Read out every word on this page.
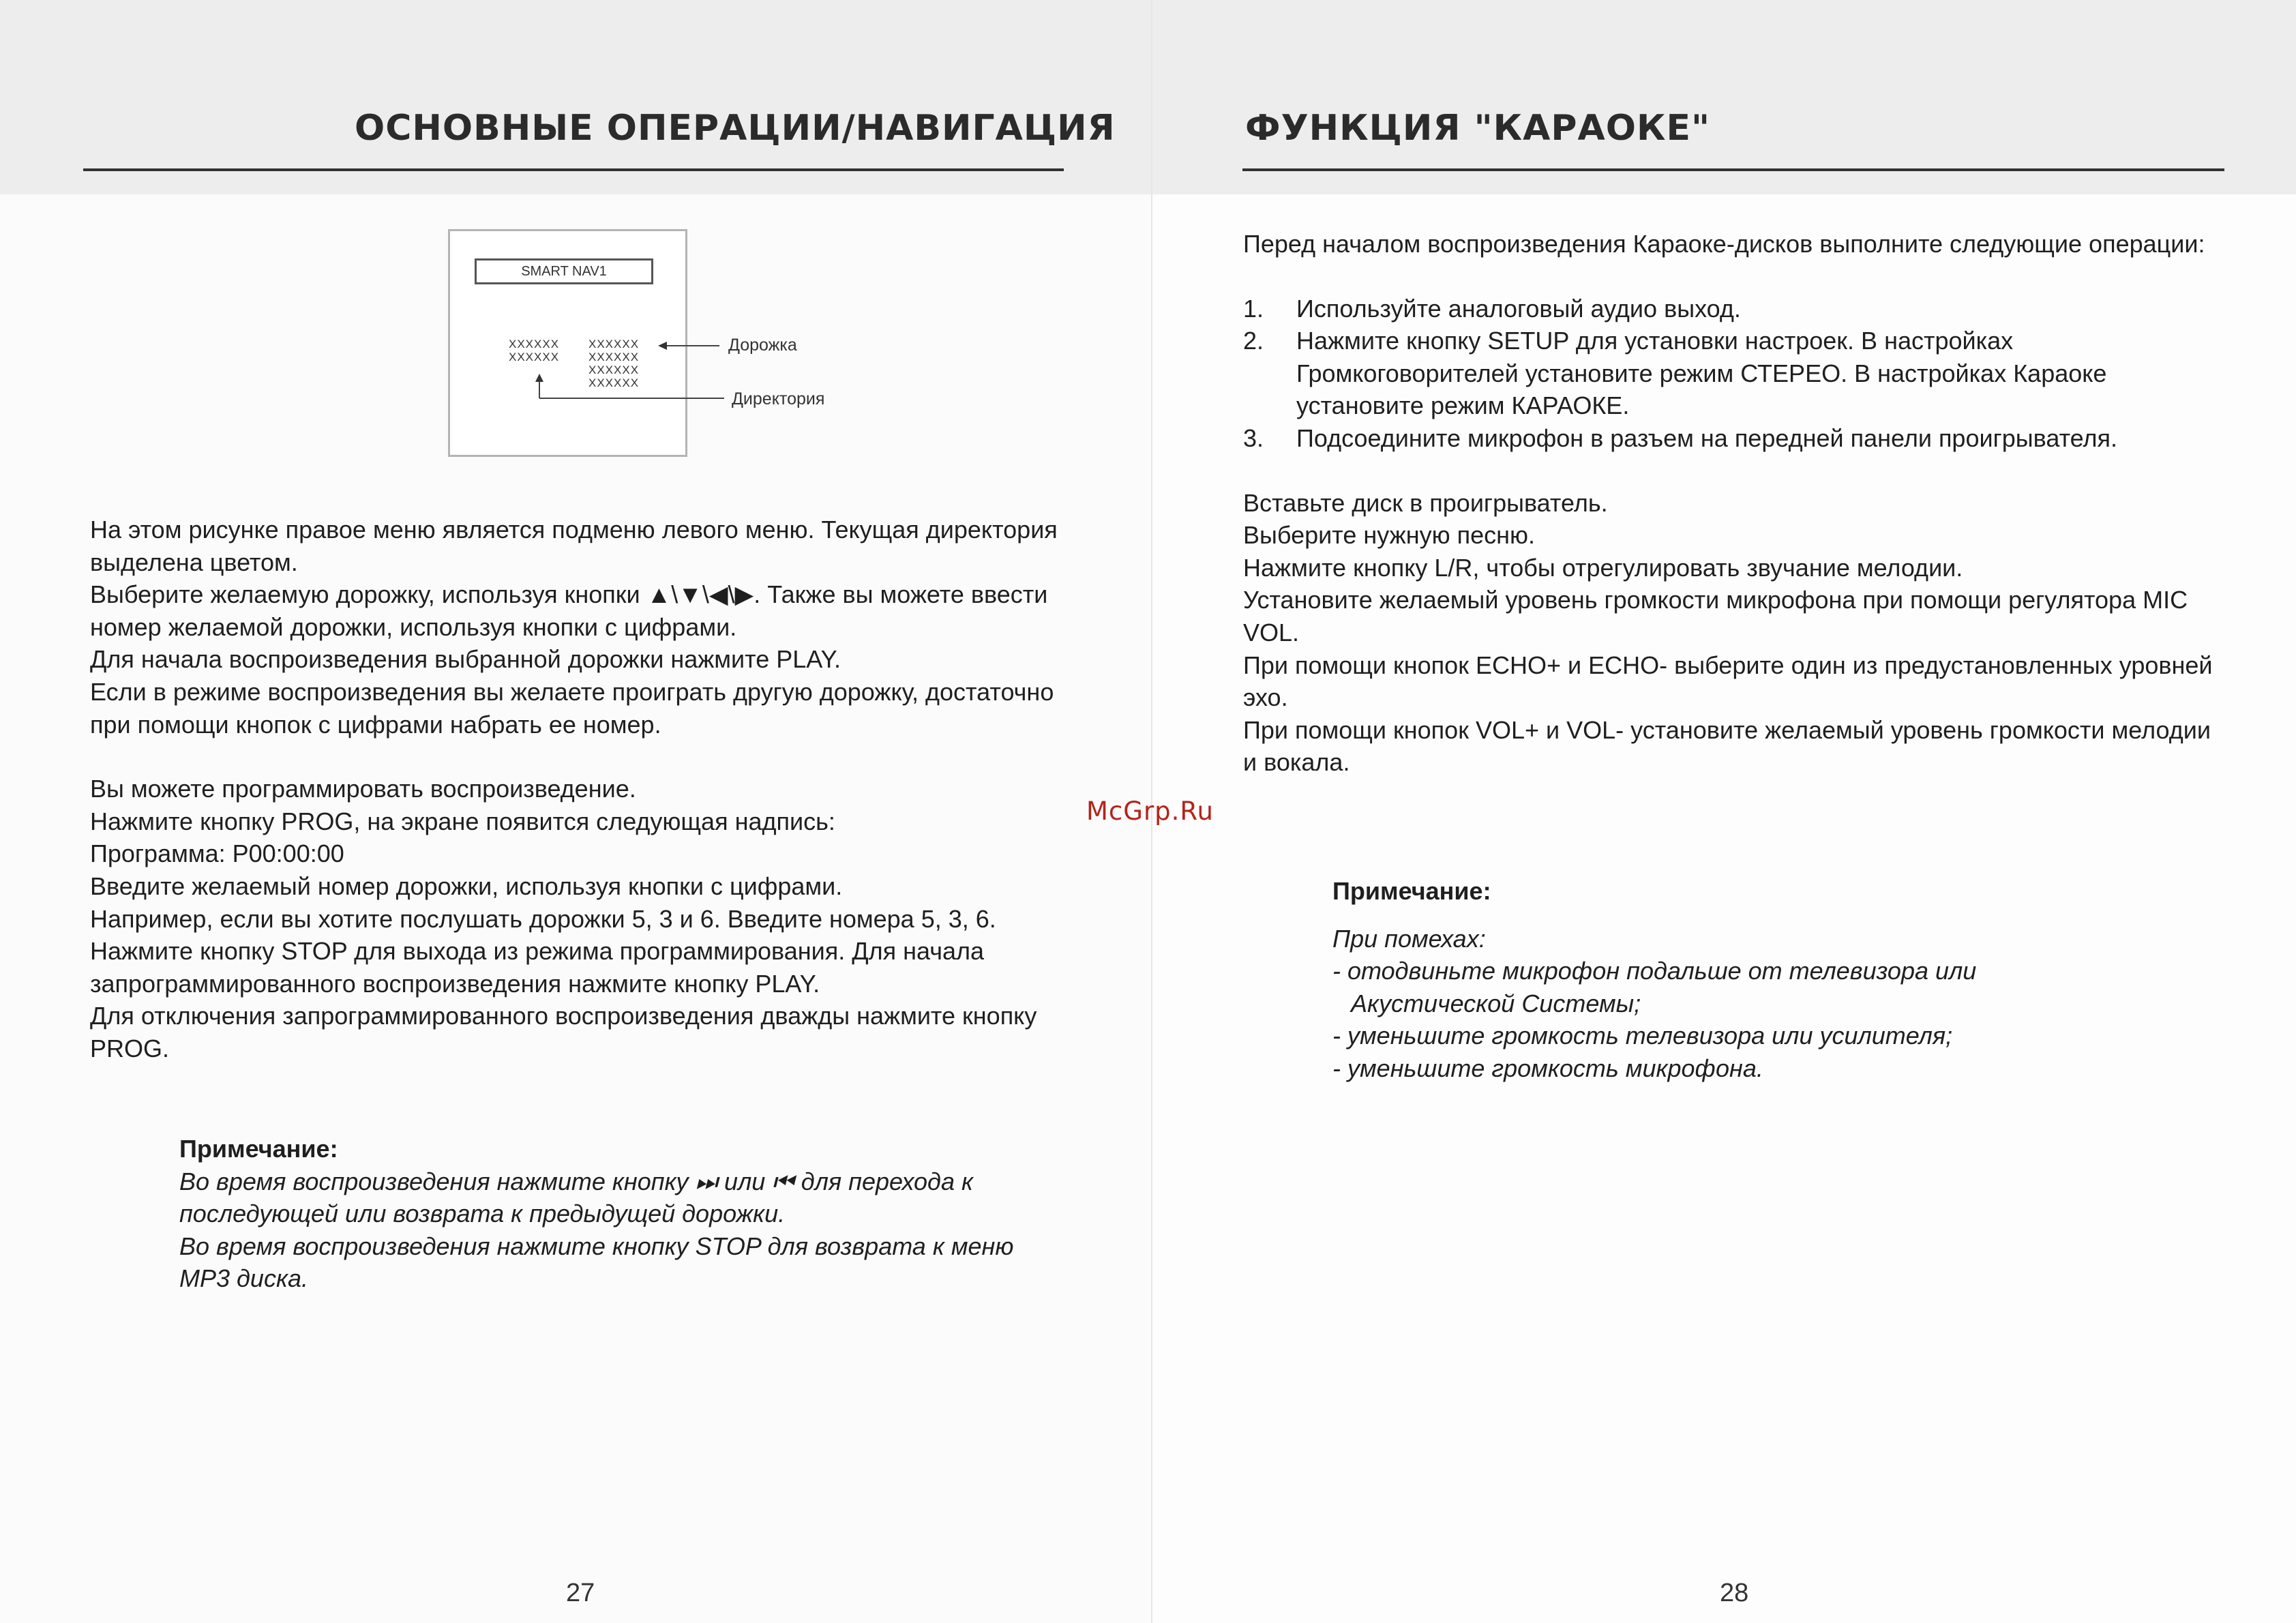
ОСНОВНЫЕ ОПЕРАЦИИ/НАВИГАЦИЯ
SMART NAV1
XXXXXX
XXXXXX
XXXXXX
XXXXXX
XXXXXX
XXXXXX
Дорожка
Директория

На этом рисунке правое меню является подменю левого меню. Текущая директория выделена цветом.

Выберите желаемую дорожку, используя кнопки ▲\▼\◀\▶. Также вы можете ввести номер желаемой дорожки, используя кнопки с цифрами.

Для начала воспроизведения выбранной дорожки нажмите PLAY.

Если в режиме воспроизведения вы желаете проиграть другую дорожку, достаточно при помощи кнопок с цифрами набрать ее номер.

Вы можете программировать воспроизведение.

Нажмите кнопку PROG, на экране появится следующая надпись:

Программа: Р00:00:00

Введите желаемый номер дорожки, используя кнопки с цифрами.

Например, если вы хотите послушать дорожки 5, 3 и 6. Введите номера 5, 3, 6.

Нажмите кнопку STOP для выхода из режима программирования. Для начала запрограммированного воспроизведения нажмите кнопку PLAY.

Для отключения запрограммированного воспроизведения дважды нажмите кнопку PROG.

Примечание:

Во время воспроизведения нажмите кнопку ⏭ или ⏮ для перехода к последующей или возврата к предыдущей дорожки.

Во время воспроизведения нажмите кнопку STOP для возврата к меню MP3 диска.

27
ФУНКЦИЯ "КАРАОКЕ"

Перед началом воспроизведения Караоке-дисков выполните следующие операции:

1.	Используйте аналоговый аудио выход.
2.	Нажмите кнопку SETUP для установки настроек. В настройках Громкоговорителей установите режим СТЕРЕО. В настройках Караоке установите режим КАРАОКЕ.
3.	Подсоедините микрофон в разъем на передней панели проигрывателя.

Вставьте диск в проигрыватель.

Выберите нужную песню.

Нажмите кнопку L/R, чтобы отрегулировать звучание мелодии.

Установите желаемый уровень громкости микрофона при помощи регулятора MIC VOL.

При помощи кнопок ECHO+ и ECHO- выберите один из предустановленных уровней эхо.

При помощи кнопок VOL+ и VOL- установите желаемый уровень громкости мелодии и вокала.

Примечание:

При помехах:

- отодвиньте микрофон подальше от телевизора или

Акустической Системы;

- уменьшите громкость телевизора или усилителя;

- уменьшите громкость микрофона.

28
McGrp.Ru
